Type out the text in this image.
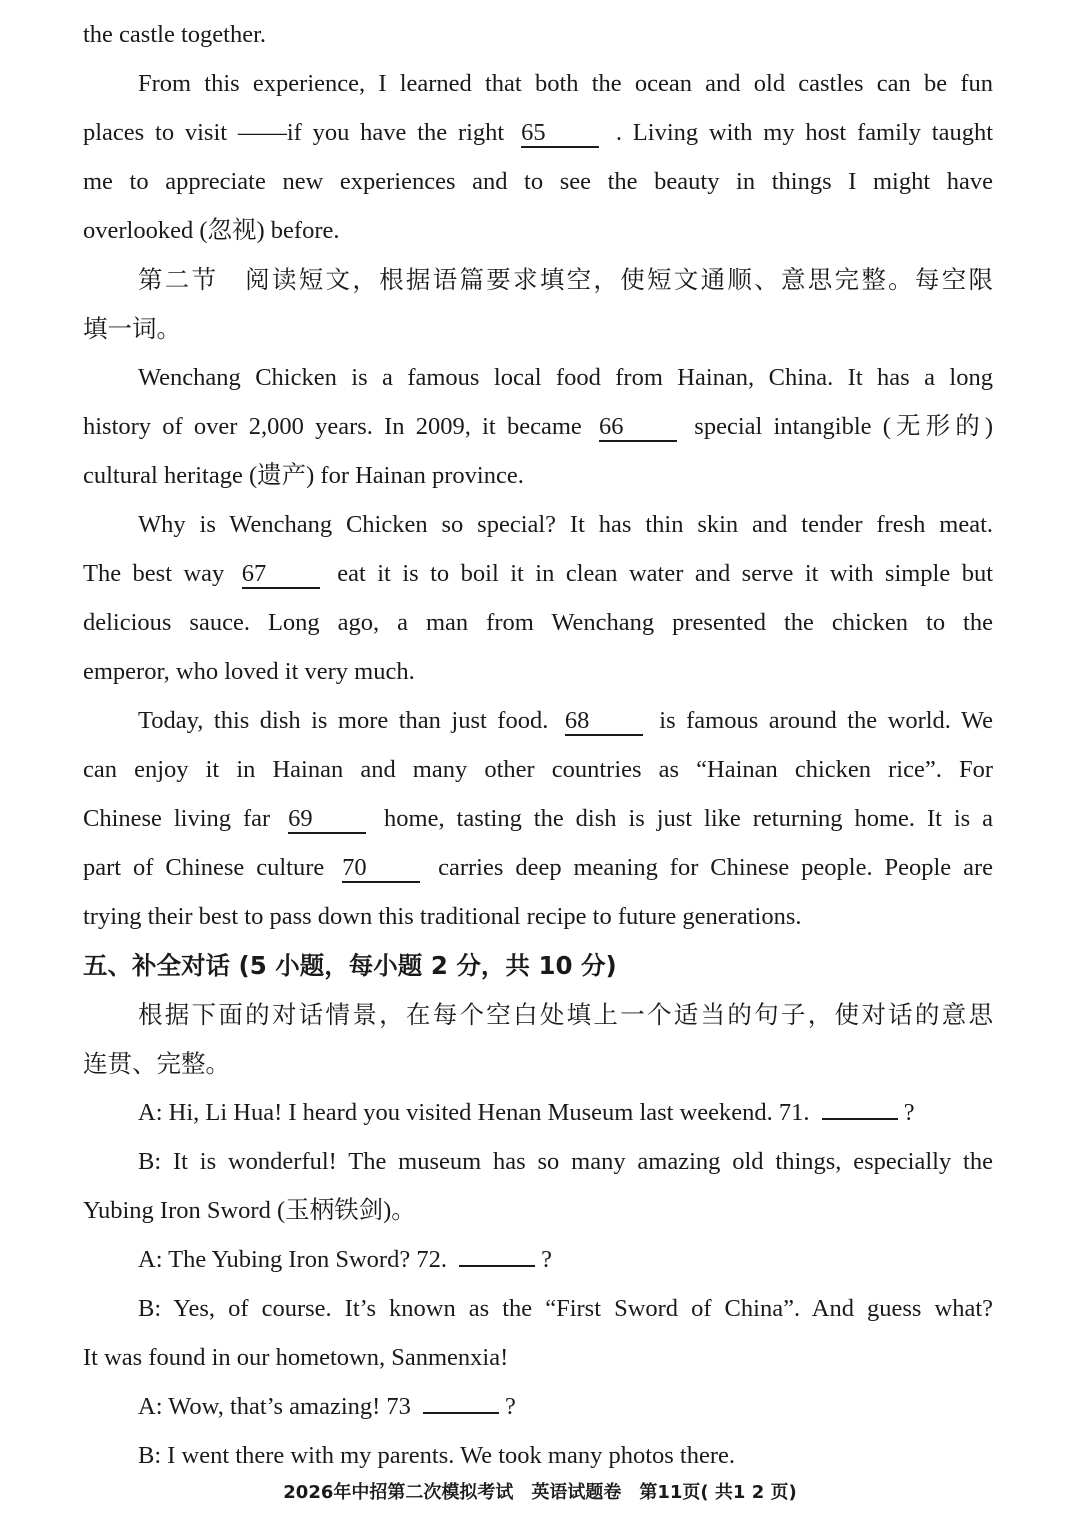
the castle together.
From this experience, I learned that both the ocean and old castles can be fun
places to visit ——if you have the right 65	. Living with my host family taught
me to appreciate new experiences and to see the beauty in things I might have
overlooked (忽视) before.
第二节　阅读短文，根据语篇要求填空，使短文通顺、意思完整。每空限
填一词。
Wenchang Chicken is a famous local food from Hainan, China. It has a long
history of over 2,000 years. In 2009, it became 66	special intangible (无形的)
cultural heritage (遗产) for Hainan province.
Why is Wenchang Chicken so special? It has thin skin and tender fresh meat.
The best way 67	eat it is to boil it in clean water and serve it with simple but
delicious sauce. Long ago, a man from Wenchang presented the chicken to the
emperor, who loved it very much.
Today, this dish is more than just food. 68	is famous around the world. We
can enjoy it in Hainan and many other countries as “Hainan chicken rice”. For
Chinese living far 69	home, tasting the dish is just like returning home. It is a
part of Chinese culture 70	carries deep meaning for Chinese people. People are
trying their best to pass down this traditional recipe to future generations.
五、补全对话 (5 小题，每小题 2 分，共 10 分)
根据下面的对话情景，在每个空白处填上一个适当的句子，使对话的意思
连贯、完整。
A: Hi, Li Hua! I heard you visited Henan Museum last weekend. 71.	?
B: It is wonderful! The museum has so many amazing old things, especially the
Yubing Iron Sword (玉柄铁剑)。
A: The Yubing Iron Sword? 72.	?
B: Yes, of course. It’s known as the “First Sword of China”. And guess what?
It was found in our hometown, Sanmenxia!
A: Wow, that’s amazing! 73	?
B: I went there with my parents. We took many photos there.
2026年中招第二次模拟考试　英语试题卷　第11页( 共1 2 页)
